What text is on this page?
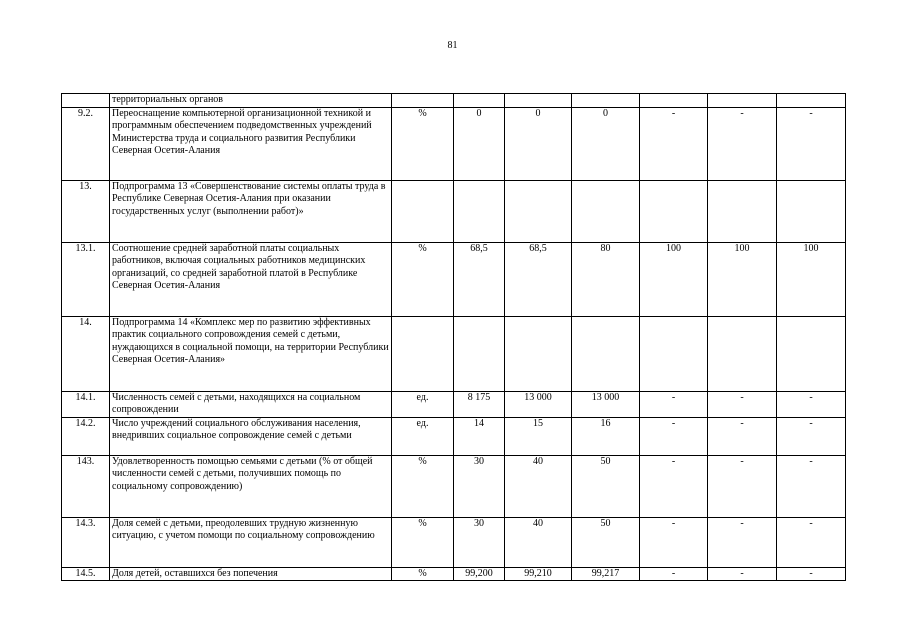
81
	территориальных органов							
9.2.	Переоснащение компьютерной организационной техникой и программным обеспечением подведомственных учреждений Министерства труда и социального развития Республики Северная Осетия-Алания	%	0	0	0	-	-	-
13.	Подпрограмма 13 «Совершенствование системы оплаты труда в Республике Северная Осетия-Алания при оказании государственных услуг (выполнении работ)»							
13.1.	Соотношение средней заработной платы социальных работников, включая социальных работников медицинских организаций, со средней заработной платой в Республике Северная Осетия-Алания	%	68,5	68,5	80	100	100	100
14.	Подпрограмма 14 «Комплекс мер по развитию эффективных практик социального сопровождения семей с детьми, нуждающихся в социальной помощи, на территории Республики Северная Осетия-Алания»							
14.1.	Численность семей с детьми, находящихся на социальном сопровождении	ед.	8 175	13 000	13 000	-	-	-
14.2.	Число учреждений социального обслуживания населения, внедривших социальное сопровождение семей с детьми	ед.	14	15	16	-	-	-
143.	Удовлетворенность помощью семьями с детьми (% от общей численности семей с детьми, получивших помощь по социальному сопровождению)	%	30	40	50	-	-	-
14.3.	Доля семей с детьми, преодолевших трудную жизненную ситуацию, с учетом помощи по социальному сопровождению	%	30	40	50	-	-	-
14.5.	Доля детей, оставшихся без попечения	%	99,200	99,210	99,217	-	-	-
